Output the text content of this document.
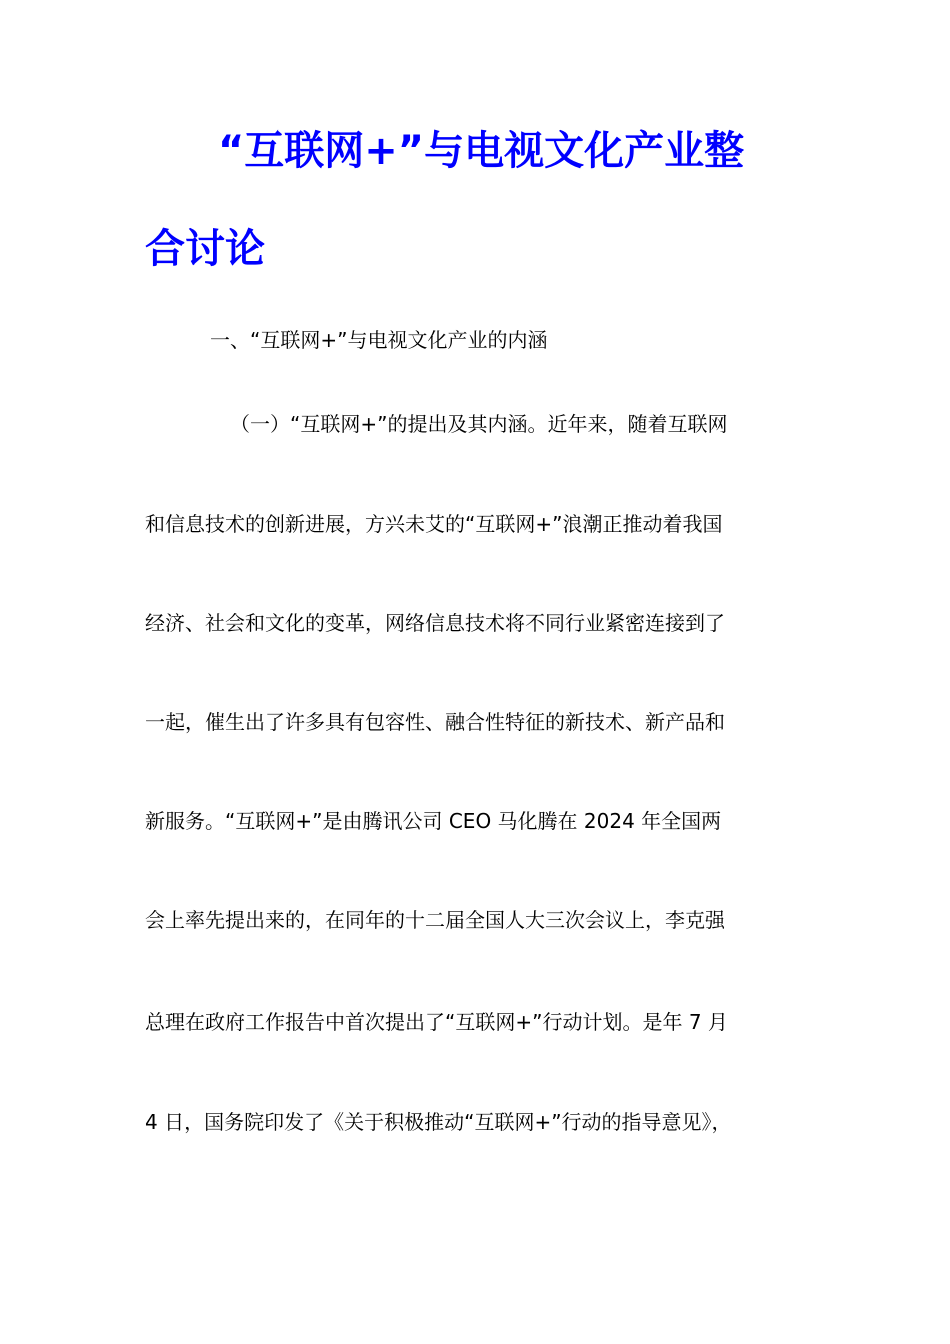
“互联网+”与电视文化产业整
合讨论
一、“互联网+”与电视文化产业的内涵
（一）“互联网+”的提出及其内涵。近年来，随着互联网
和信息技术的创新进展，方兴未艾的“互联网+”浪潮正推动着我国
经济、社会和文化的变革，网络信息技术将不同行业紧密连接到了
一起，催生出了许多具有包容性、融合性特征的新技术、新产品和
新服务。“互联网+”是由腾讯公司 CEO 马化腾在 2024 年全国两
会上率先提出来的，在同年的十二届全国人大三次会议上，李克强
总理在政府工作报告中首次提出了“互联网+”行动计划。是年 7 月
4 日，国务院印发了《关于积极推动“互联网+”行动的指导意见》，
